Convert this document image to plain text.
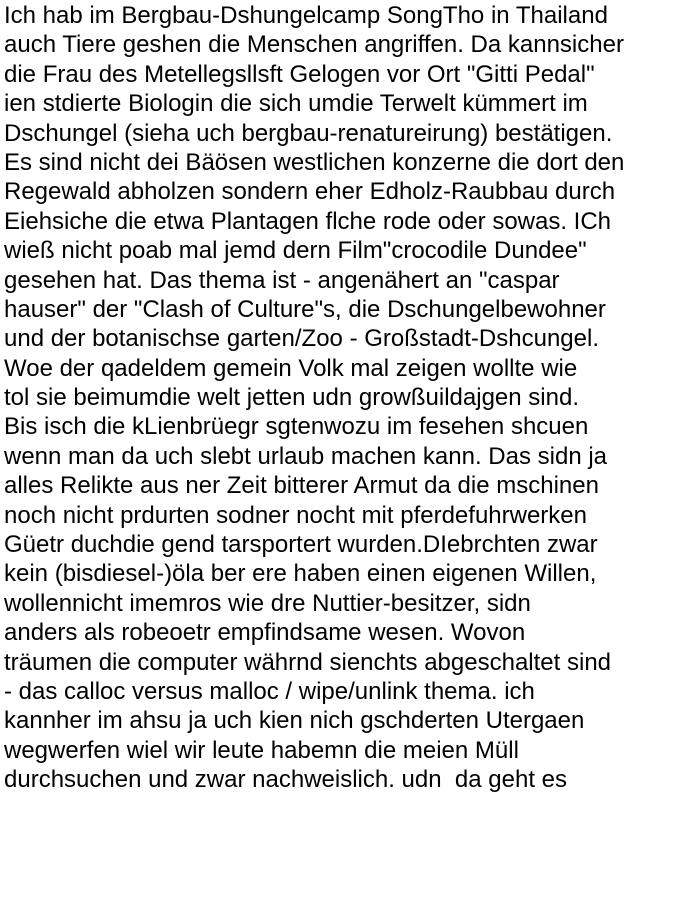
Ich hab im Bergbau-Dshungelcamp SongTho in Thailand
auch Tiere geshen die Menschen angriffen. Da kannsicher
die Frau des Metellegsllsft Gelogen vor Ort "Gitti Pedal"
ien stdierte Biologin die sich umdie Terwelt kümmert im
Dschungel (sieha uch bergbau-renatureirung) bestätigen.
Es sind nicht dei Bäösen westlichen konzerne die dort den
Regewald abholzen sondern eher Edholz-Raubbau durch
Eiehsiche die etwa Plantagen flche rode oder sowas. ICh
wieß nicht poab mal jemd dern Film"crocodile Dundee"
gesehen hat. Das thema ist - angenähert an "caspar
hauser" der "Clash of Culture"s, die Dschungelbewohner
und der botanischse garten/Zoo - Großstadt-Dshcungel.
Woe der qadeldem gemein Volk mal zeigen wollte wie
tol sie beimumdie welt jetten udn growßuildajgen sind.
Bis isch die kLienbrüegr sgtenwozu im fesehen shcuen
wenn man da uch slebt urlaub machen kann. Das sidn ja
alles Relikte aus ner Zeit bitterer Armut da die mschinen
noch nicht prdurten sodner nocht mit pferdefuhrwerken
Güetr duchdie gend tarsportert wurden.DIebrchten zwar
kein (bisdiesel-)öla ber ere haben einen eigenen Willen,
wollennicht imemros wie dre Nuttier-besitzer, sidn
anders als robeoetr empfindsame wesen. Wovon
träumen die computer währnd sienchts abgeschaltet sind
- das calloc versus malloc / wipe/unlink thema. ich
kannher im ahsu ja uch kien nich gschderten Utergaen
wegwerfen wiel wir leute habemn die meien Müll
durchsuchen und zwar nachweislich. udn  da geht es
